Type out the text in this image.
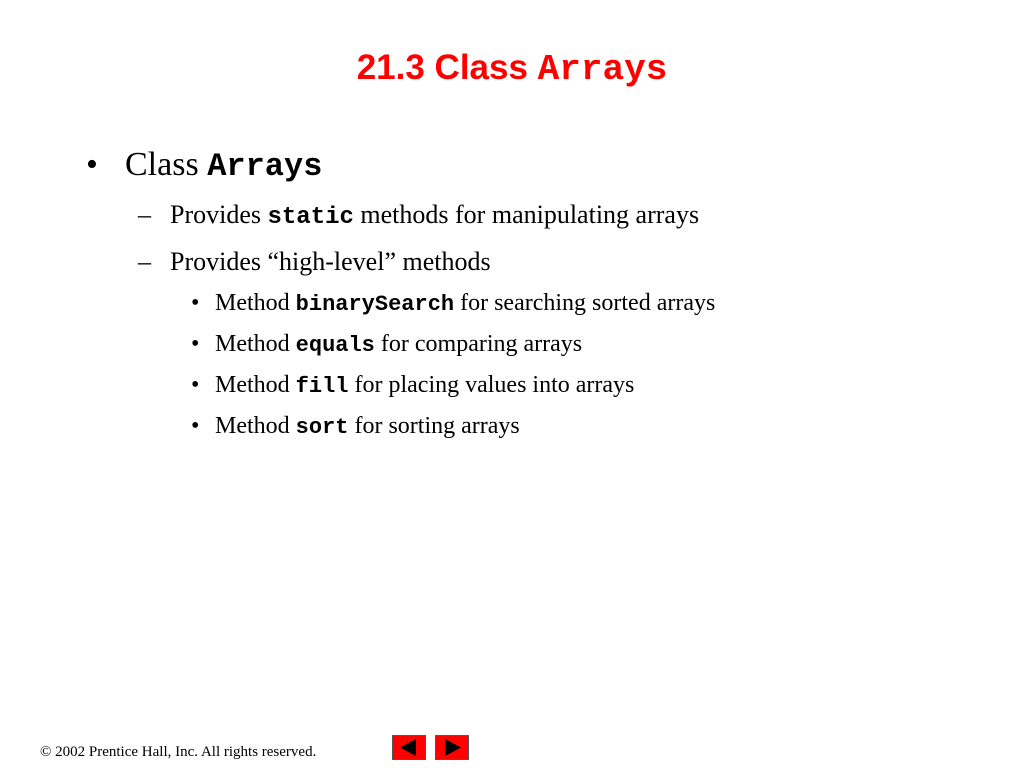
21.3 Class Arrays
• Class Arrays
– Provides static methods for manipulating arrays
– Provides “high-level” methods
• Method binarySearch for searching sorted arrays
• Method equals for comparing arrays
• Method fill for placing values into arrays
• Method sort for sorting arrays
© 2002 Prentice Hall, Inc. All rights reserved.
